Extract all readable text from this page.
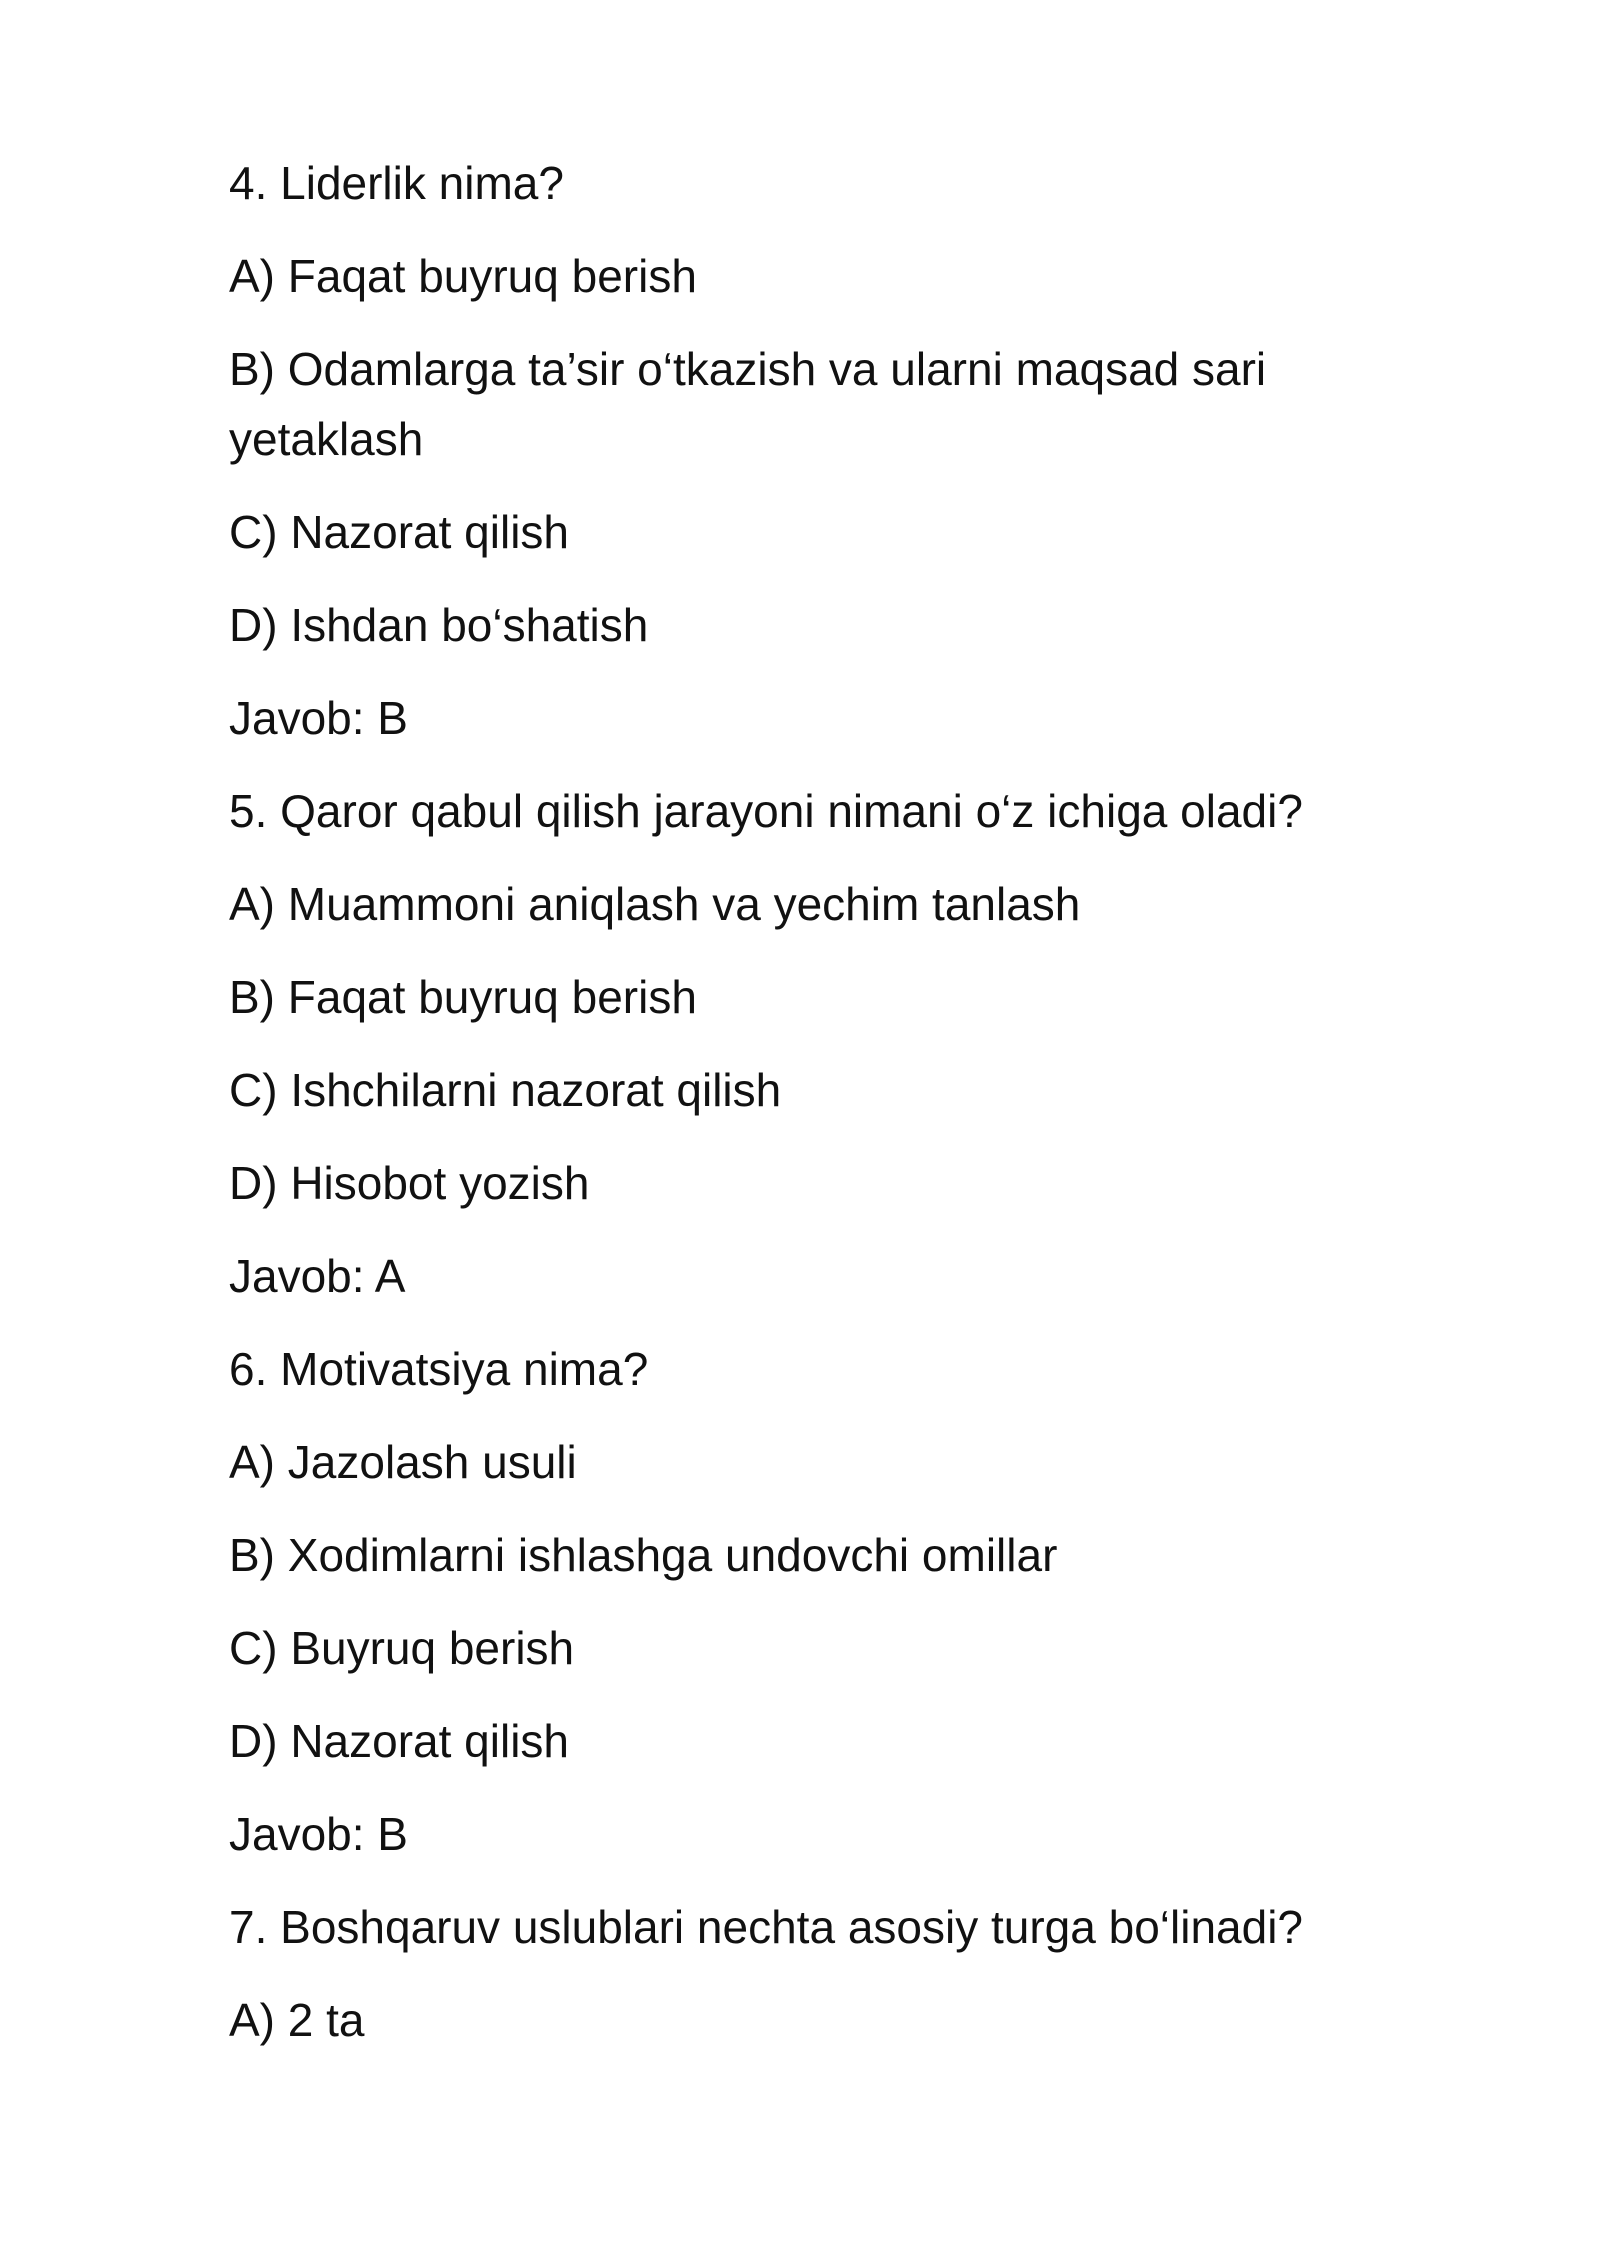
4. Liderlik nima?

A) Faqat buyruq berish

B) Odamlarga ta’sir o‘tkazish va ularni maqsad sari yetaklash

C) Nazorat qilish

D) Ishdan bo‘shatish

Javob: B

5. Qaror qabul qilish jarayoni nimani o‘z ichiga oladi?

A) Muammoni aniqlash va yechim tanlash

B) Faqat buyruq berish

C) Ishchilarni nazorat qilish

D) Hisobot yozish

Javob: A

6. Motivatsiya nima?

A) Jazolash usuli

B) Xodimlarni ishlashga undovchi omillar

C) Buyruq berish

D) Nazorat qilish

Javob: B

7. Boshqaruv uslublari nechta asosiy turga bo‘linadi?

A) 2 ta
